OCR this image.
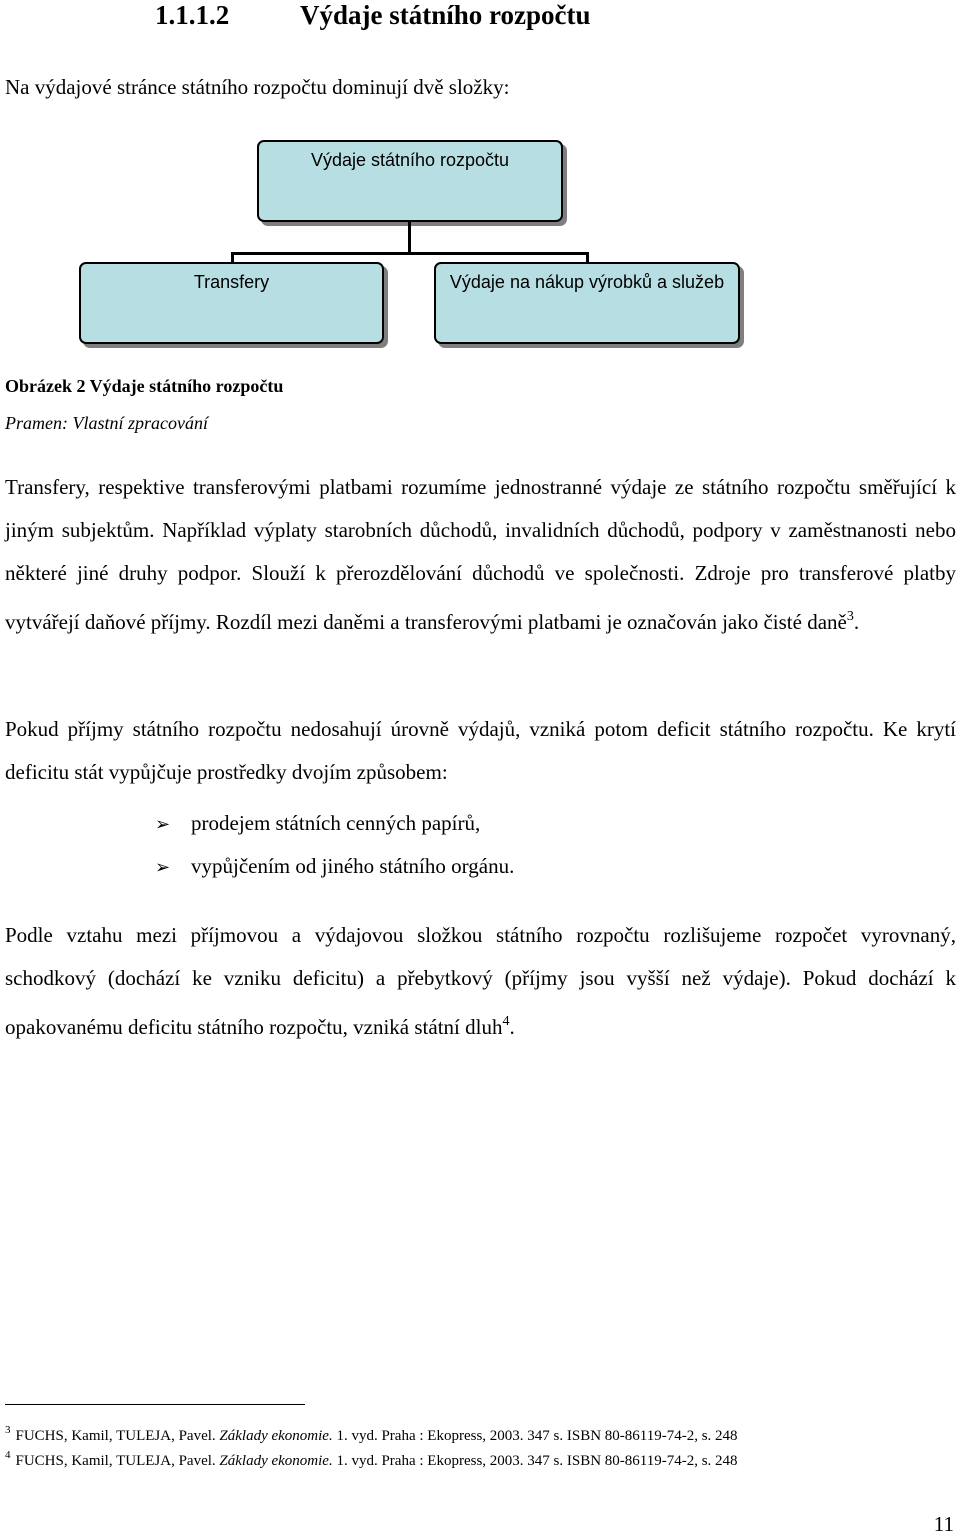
1.1.1.2	Výdaje státního rozpočtu
Na výdajové stránce státního rozpočtu dominují dvě složky:
Výdaje státního rozpočtu
Transfery	Výdaje na nákup výrobků a služeb
Obrázek 2 Výdaje státního rozpočtu
Pramen: Vlastní zpracování

Transfery, respektive transferovými platbami rozumíme jednostranné výdaje ze státního rozpočtu směřující k jiným subjektům. Například výplaty starobních důchodů, invalidních důchodů, podpory v zaměstnanosti nebo některé jiné druhy podpor. Slouží k přerozdělování důchodů ve společnosti. Zdroje pro transferové platby vytvářejí daňové příjmy. Rozdíl mezi daněmi a transferovými platbami je označován jako čisté daně$^3$.

Pokud příjmy státního rozpočtu nedosahují úrovně výdajů, vzniká potom deficit státního rozpočtu. Ke krytí deficitu stát vypůjčuje prostředky dvojím způsobem:

➢ prodejem státních cenných papírů,
➢ vypůjčením od jiného státního orgánu.

Podle vztahu mezi příjmovou a výdajovou složkou státního rozpočtu rozlišujeme rozpočet vyrovnaný, schodkový (dochází ke vzniku deficitu) a přebytkový (příjmy jsou vyšší než výdaje). Pokud dochází k opakovanému deficitu státního rozpočtu, vzniká státní dluh$^4$.

$^3$ FUCHS, Kamil, TULEJA, Pavel. Základy ekonomie. 1. vyd. Praha : Ekopress, 2003. 347 s. ISBN 80-86119-74-2, s. 248
$^4$ FUCHS, Kamil, TULEJA, Pavel. Základy ekonomie. 1. vyd. Praha : Ekopress, 2003. 347 s. ISBN 80-86119-74-2, s. 248
11
